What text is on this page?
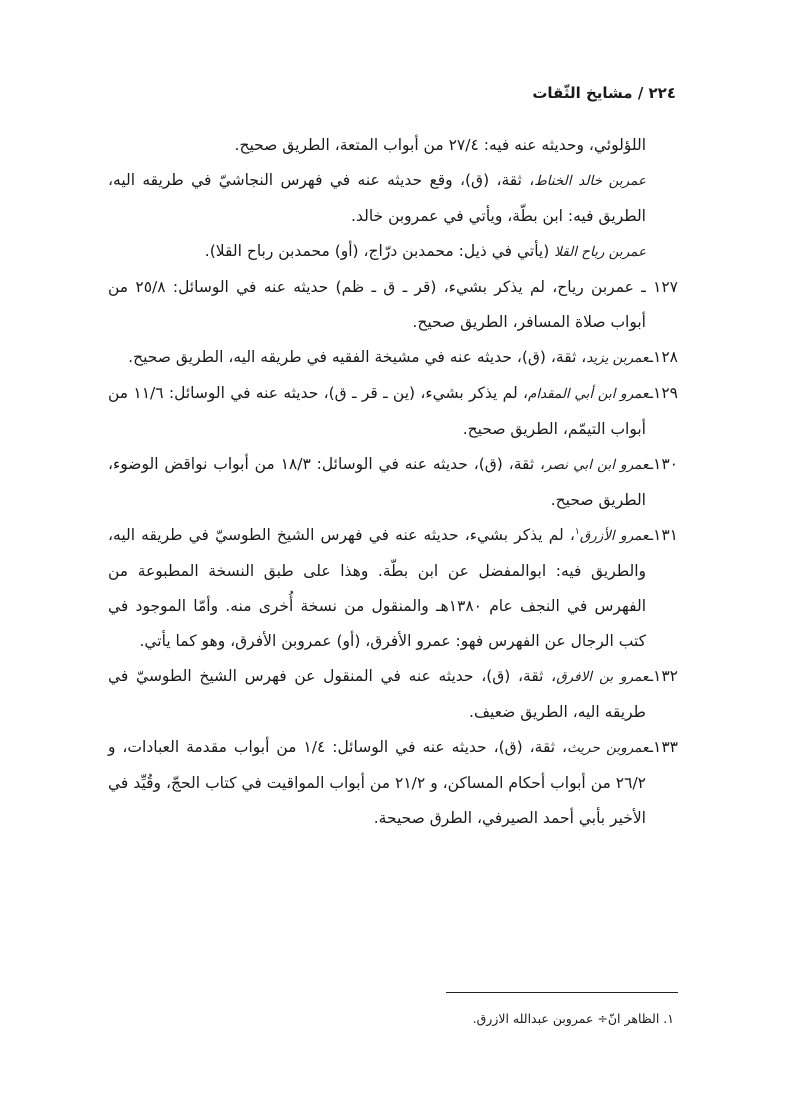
٢٢٤ / مشايخ الثّقات

اللؤلوئي، وحديثه عنه فيه: ٢٧/٤ من أبواب المتعة، الطريق صحيح.

عمربن خالد الخناط، ثقة، (ق)، وقع حديثه عنه في فهرس النجاشيّ في طريقه اليه، الطريق فيه: ابن بطّة، ويأتي في عمروبن خالد.

عمربن رباح القلا (يأتي في ذيل: محمدبن درّاج، (أو) محمدبن رباح القلا).

١٢٧ ـ عمربن رياح، لم يذكر بشيء، (قر ـ ق ـ ظم) حديثه عنه في الوسائل: ٢٥/٨ من أبواب صلاة المسافر، الطريق صحيح.

١٢٨ـعمربن يزيد، ثقة، (ق)، حديثه عنه في مشيخة الفقيه في طريقه اليه، الطريق صحيح.

١٢٩ـعمرو ابن أبي المقدام، لم يذكر بشيء، (ين ـ قر ـ ق)، حديثه عنه في الوسائل: ١١/٦ من أبواب التيمّم، الطريق صحيح.

١٣٠ـعمرو ابن ابي نصر، ثقة، (ق)، حديثه عنه في الوسائل: ١٨/٣ من أبواب نواقض الوضوء، الطريق صحيح.

١٣١ـعمرو الأزرق$^١$، لم يذكر بشيء، حديثه عنه في فهرس الشيخ الطوسيّ في طريقه اليه، والطريق فيه: ابوالمفضل عن ابن بطّة. وهذا على طبق النسخة المطبوعة من الفهرس في النجف عام ١٣٨٠هـ والمنقول من نسخة أُخرى منه. وأمّا الموجود في كتب الرجال عن الفهرس فهو: عمرو الأفرق، (أو) عمروبن الأفرق، وهو كما يأتي.

١٣٢ـعمرو بن الافرق، ثقة، (ق)، حديثه عنه في المنقول عن فهرس الشيخ الطوسيّ في طريقه اليه، الطريق ضعيف.

١٣٣ـعمروبن حريث، ثقة، (ق)، حديثه عنه في الوسائل: ١/٤ من أبواب مقدمة العبادات، و ٢٦/٢ من أبواب أحكام المساكن، و ٢١/٢ من أبواب المواقيت في كتاب الحجّ، وقُيِّد في الأخير بأبي أحمد الصيرفي، الطرق صحيحة.

١. الظاهر انّ÷ عمروبن عبدالله الازرق.
